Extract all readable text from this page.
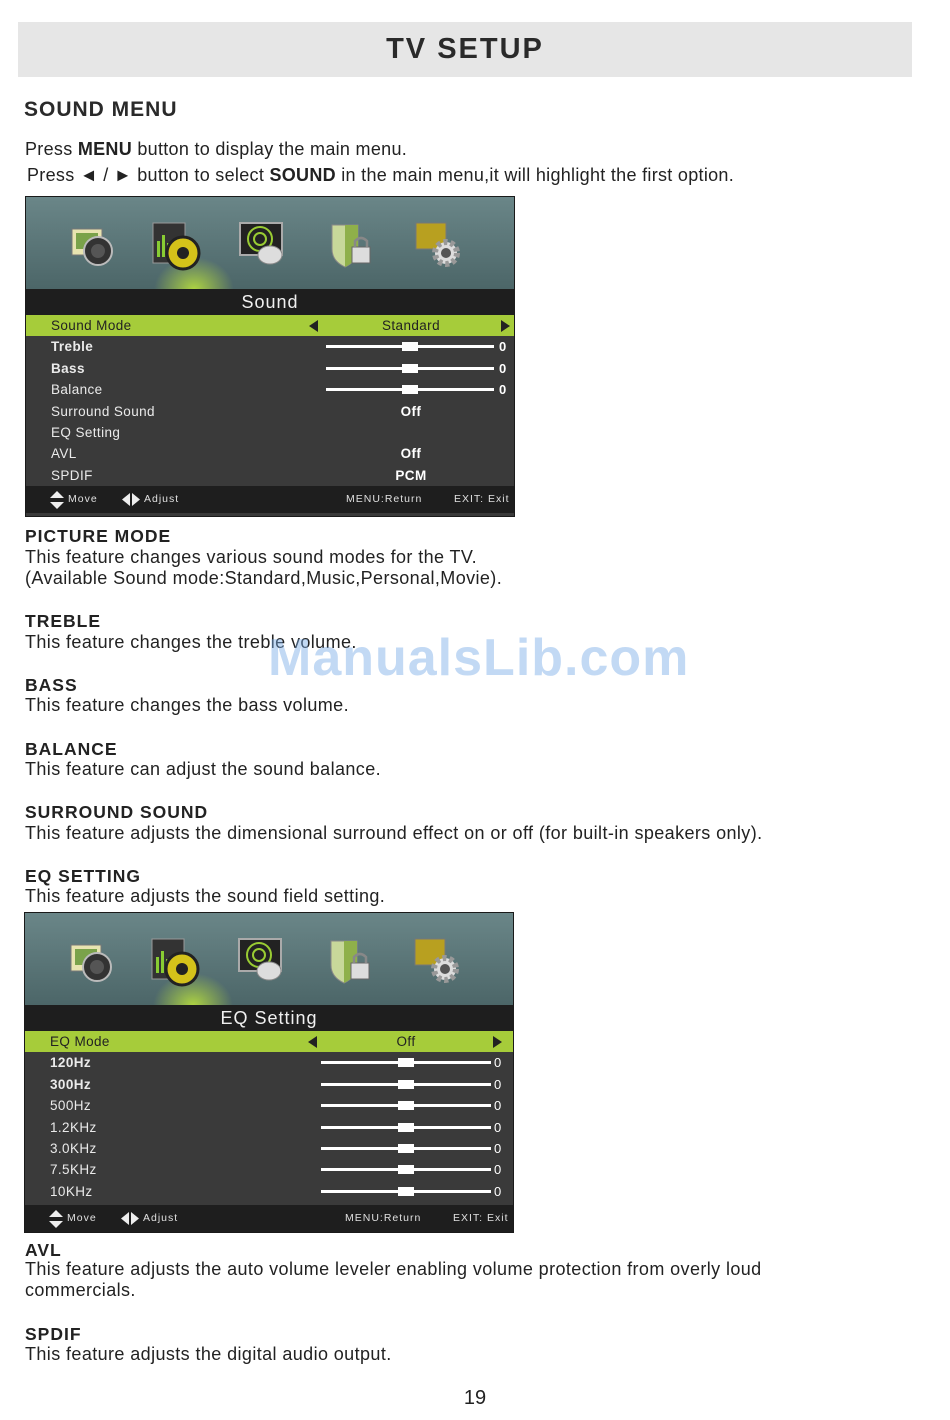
TV SETUP
SOUND MENU
Press MENU button to display the main menu.
Press ◄ / ► button to select SOUND in the main menu,it will highlight the first option.
Sound
Sound Mode	Standard
Treble	0
Bass	0
Balance	0
Surround Sound	Off
EQ Setting
AVL	Off
SPDIF	PCM
Move	Adjust	MENU:Return	EXIT: Exit
PICTURE MODE
This feature changes various sound modes for the TV.
(Available Sound mode:Standard,Music,Personal,Movie).
TREBLE
This feature changes the treble volume.
BASS
This feature changes the bass volume.
BALANCE
This feature can adjust the sound balance.
SURROUND SOUND
This feature adjusts the dimensional surround effect on or off (for built-in speakers only).
EQ SETTING
This feature adjusts the sound field setting.
EQ Setting
EQ Mode	Off
120Hz	0
300Hz	0
500Hz	0
1.2KHz	0
3.0KHz	0
7.5KHz	0
10KHz	0
Move	Adjust	MENU:Return	EXIT: Exit
AVL
This feature adjusts the auto volume leveler enabling volume protection from overly loud
commercials.
SPDIF
This feature adjusts the digital audio output.
ManualsLib.com
19
